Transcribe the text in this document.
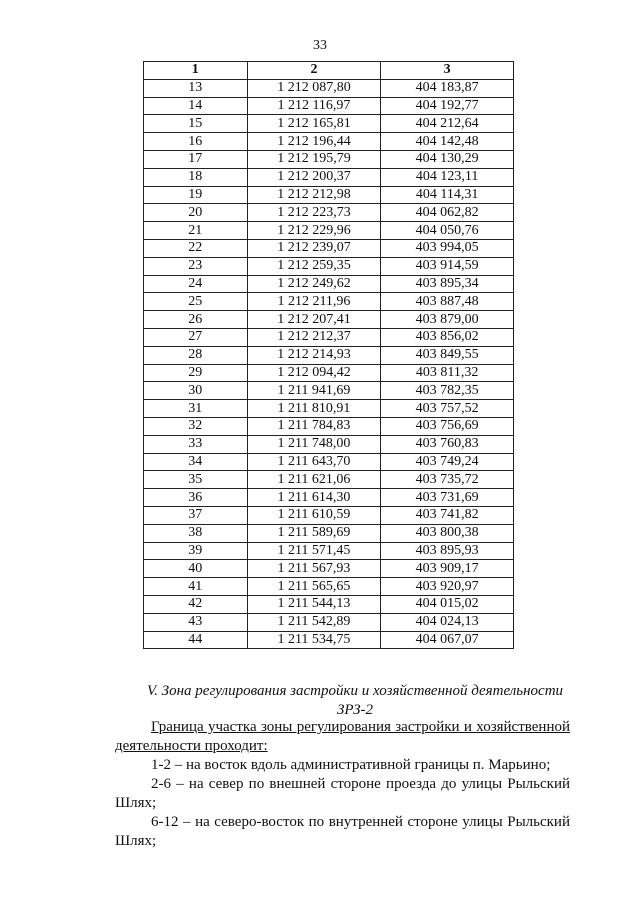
33
1	2	3
13	1 212 087,80	404 183,87
14	1 212 116,97	404 192,77
15	1 212 165,81	404 212,64
16	1 212 196,44	404 142,48
17	1 212 195,79	404 130,29
18	1 212 200,37	404 123,11
19	1 212 212,98	404 114,31
20	1 212 223,73	404 062,82
21	1 212 229,96	404 050,76
22	1 212 239,07	403 994,05
23	1 212 259,35	403 914,59
24	1 212 249,62	403 895,34
25	1 212 211,96	403 887,48
26	1 212 207,41	403 879,00
27	1 212 212,37	403 856,02
28	1 212 214,93	403 849,55
29	1 212 094,42	403 811,32
30	1 211 941,69	403 782,35
31	1 211 810,91	403 757,52
32	1 211 784,83	403 756,69
33	1 211 748,00	403 760,83
34	1 211 643,70	403 749,24
35	1 211 621,06	403 735,72
36	1 211 614,30	403 731,69
37	1 211 610,59	403 741,82
38	1 211 589,69	403 800,38
39	1 211 571,45	403 895,93
40	1 211 567,93	403 909,17
41	1 211 565,65	403 920,97
42	1 211 544,13	404 015,02
43	1 211 542,89	404 024,13
44	1 211 534,75	404 067,07
V. Зона регулирования застройки и хозяйственной деятельности
ЗРЗ-2

Граница участка зоны регулирования застройки и хозяйственной деятельности проходит:

1-2 – на восток вдоль административной границы п. Марьино;

2-6 – на север по внешней стороне проезда до улицы Рыльский Шлях;

6-12 – на северо-восток по внутренней стороне улицы Рыльский Шлях;
